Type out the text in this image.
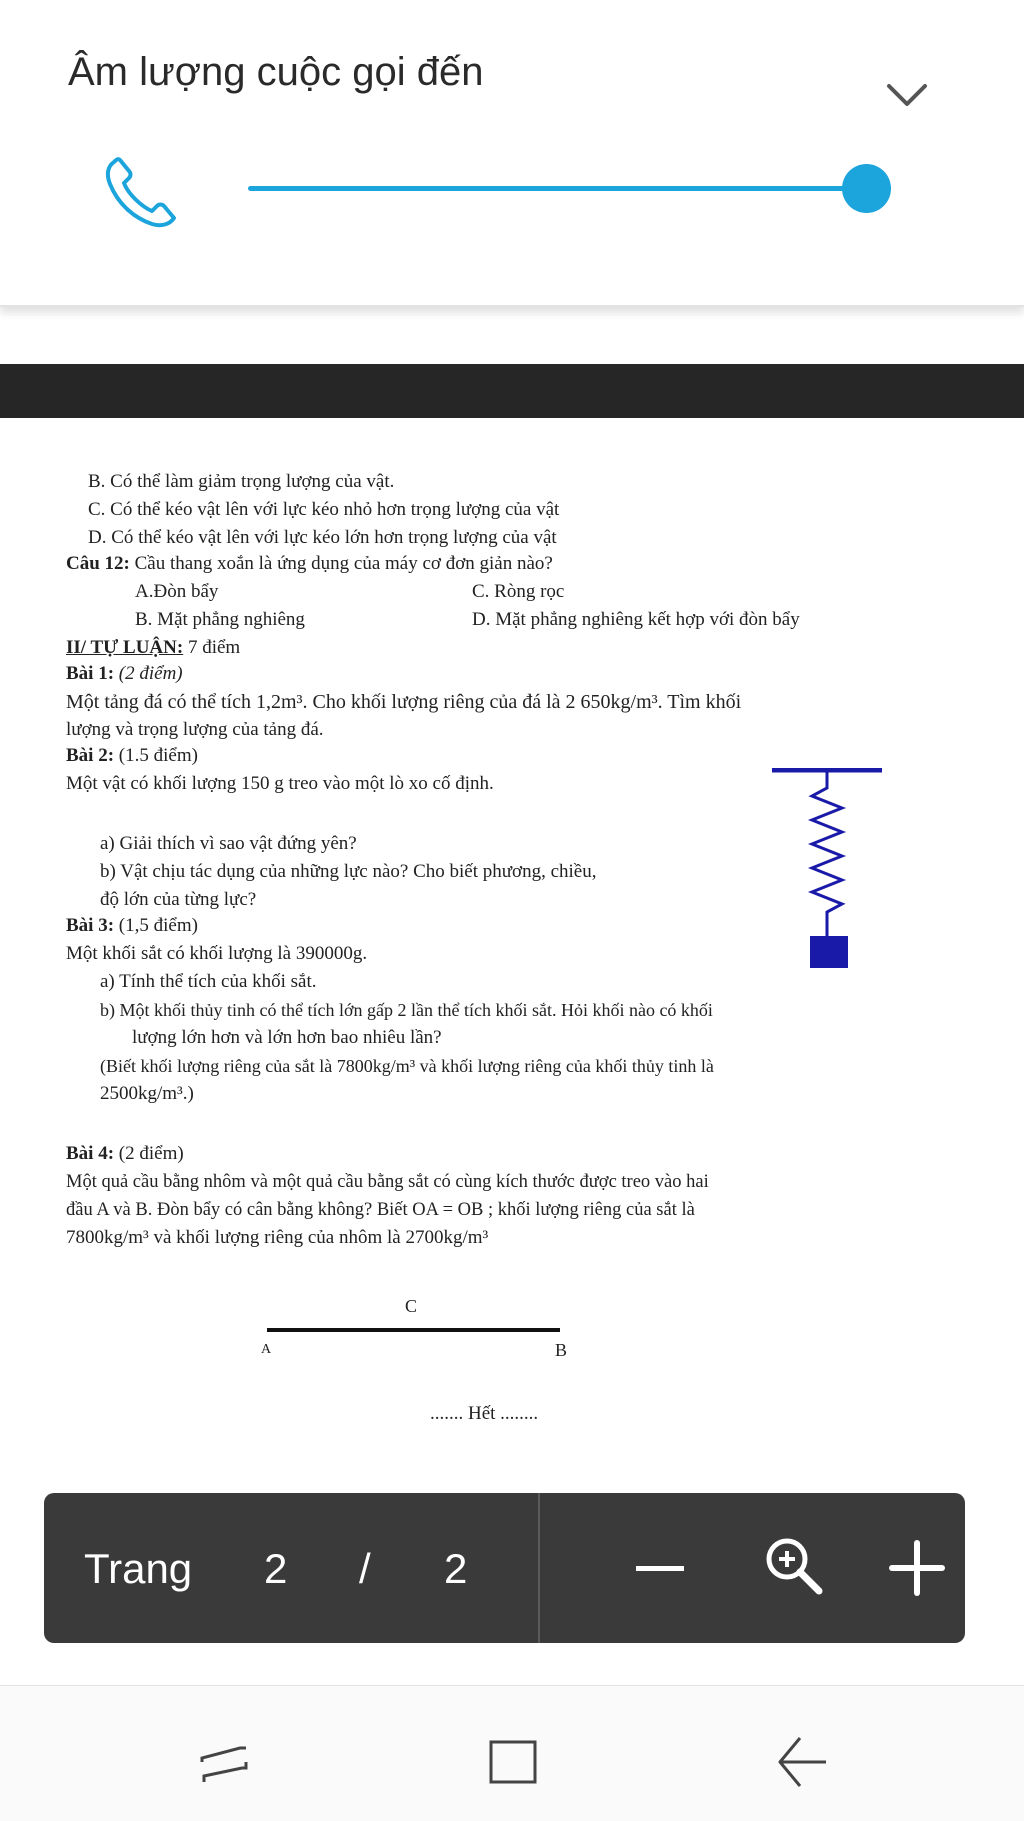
Âm lượng cuộc gọi đến
B. Có thể làm giảm trọng lượng của vật.
C. Có thể kéo vật lên với lực kéo nhỏ hơn trọng lượng của vật
D. Có thể kéo vật lên với lực kéo lớn hơn trọng lượng của vật
Câu 12: Cầu thang xoắn là ứng dụng của máy cơ đơn giản nào?
A.Đòn bẩy	C. Ròng rọc
B. Mặt phẳng nghiêng	D. Mặt phẳng nghiêng kết hợp với đòn bẩy
II/ TỰ LUẬN: 7 điểm
Bài 1: (2 điểm)
Một tảng đá có thể tích 1,2m³. Cho khối lượng riêng của đá là 2 650kg/m³. Tìm khối
lượng và trọng lượng của tảng đá.
Bài 2: (1.5 điểm)
Một vật có khối lượng 150 g treo vào một lò xo cố định.
a) Giải thích vì sao vật đứng yên?
b) Vật chịu tác dụng của những lực nào? Cho biết phương, chiều,
độ lớn của từng lực?
Bài 3: (1,5 điểm)
Một khối sắt có khối lượng là 390000g.
a) Tính thể tích của khối sắt.
b) Một khối thủy tinh có thể tích lớn gấp 2 lần thể tích khối sắt. Hỏi khối nào có khối
lượng lớn hơn và lớn hơn bao nhiêu lần?
(Biết khối lượng riêng của sắt là 7800kg/m³ và khối lượng riêng của khối thủy tinh là
2500kg/m³.)
Bài 4: (2 điểm)
Một quả cầu bằng nhôm và một quả cầu bằng sắt có cùng kích thước được treo vào hai
đầu A và B. Đòn bẩy có cân bằng không? Biết OA = OB ; khối lượng riêng của sắt là
7800kg/m³ và khối lượng riêng của nhôm là 2700kg/m³
C
A	B
....... Hết ........
Trang 2 / 2
